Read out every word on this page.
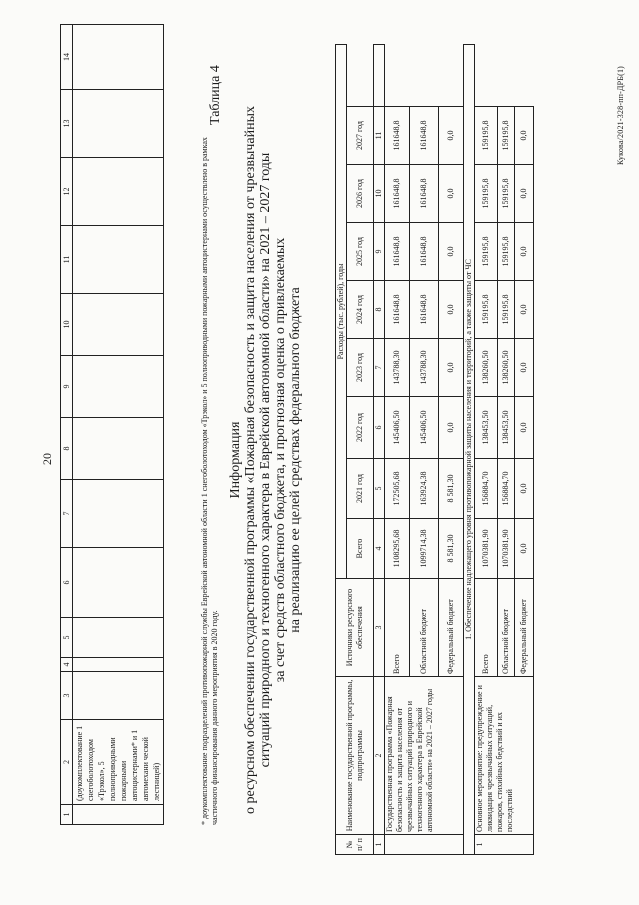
20
1	2	3	4	5	6	7	8	9	10	11	12	13	14
	(доукомплектование 1 снегоболотоходом «Трэкол», 5 полноприводными пожарными автоцистернами* и 1 автомехани ческой лестницей)													* доукомплектование подразделений противопожарной службы Еврейской автономной области 1 снегоболотоходом «Трэкол» и 5 полноприводными пожарными автоцистернами осуществлено в рамках частичного финансирования данного мероприятия в 2020 году.
Таблица 4
Информация о ресурсном обеспечении государственной программы «Пожарная безопасность и защита населения от чрезвычайных ситуаций природного и техногенного характера в Еврейской автономной области» на 2021 – 2027 годы за счет средств областного бюджета, и прогнозная оценка о привлекаемых на реализацию ее целей средствах федерального бюджета
№ п/ п	Наименование государственной программы, подпрограммы	Источники ресурсного обеспечения	Расходы (тыс. рублей), годы								
			Всего	2021 год	2022 год	2023 год	2024 год	2025 год	2026 год	2027 год	
1	2	3	4	5	6	7	8	9	10	11	
	Государственная программа «Пожарная безопасность и защита населения от чрезвычайных ситуаций природного и техногенного характера в Еврейской автономной области» на 2021 – 2027 годы	Всего	1108295,68	172505,68	145406,50	143788,30	161648,8	161648,8	161648,8	161648,8	
		Областной бюджет	1099714,38	163924,38	145406,50	143788,30	161648,8	161648,8	161648,8	161648,8	
		Федеральный бюджет	8 581,30	8 581,30	0,0	0,0	0,0	0,0	0,0	0,0	
1. Обеспечение надлежащего уровня противопожарной защиты населения и территорий, а также защиты от ЧС											
1	Основное мероприятие: предупреждение и ликвидация чрезвычайных ситуаций, пожаров, стихийных бедствий и их последствий	Всего	1070381,90	156884,70	138453,50	138260,50	159195,8	159195,8	159195,8	159195,8	
		Областной бюджет	1070381,90	156884,70	138453,50	138260,50	159195,8	159195,8	159195,8	159195,8	
		Федеральный бюджет	0,0	0,0	0,0	0,0	0,0	0,0	0,0	0,0		Кукова/2021-328-пп-ДРБ(1)
